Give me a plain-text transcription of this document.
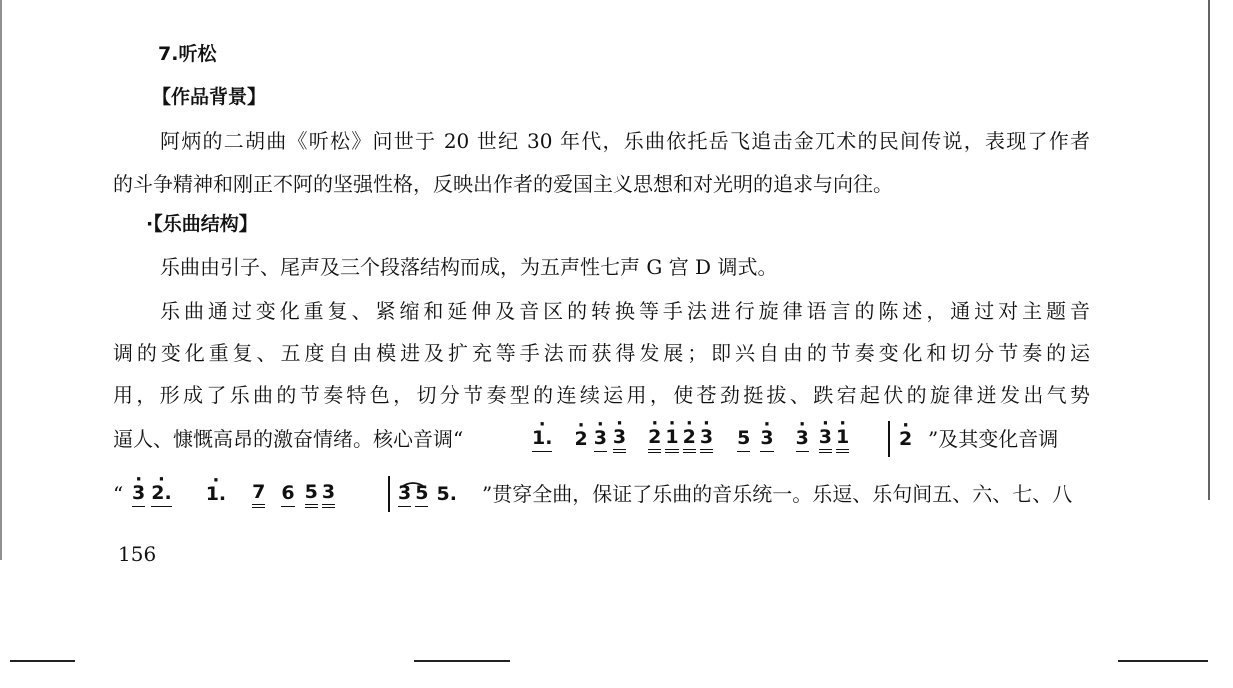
7.听松
【作品背景】
阿炳的二胡曲《听松》问世于 20 世纪 30 年代，乐曲依托岳飞追击金兀术的民间传说，表现了作者
的斗争精神和刚正不阿的坚强性格，反映出作者的爱国主义思想和对光明的追求与向往。
·【乐曲结构】
乐曲由引子、尾声及三个段落结构而成，为五声性七声 G 宫 D 调式。
乐曲通过变化重复、紧缩和延伸及音区的转换等手法进行旋律语言的陈述，通过对主题音
调的变化重复、五度自由模进及扩充等手法而获得发展；即兴自由的节奏变化和切分节奏的运
用，形成了乐曲的节奏特色，切分节奏型的连续运用，使苍劲挺拔、跌宕起伏的旋律迸发出气势
逼人、慷慨高昂的激奋情绪。核心音调“	· 1. · 2 · 3 · 3 · 2 · 1 · 2 · 3 5 · 3 · 3 · 3 · 1	· 2 ”及其变化音调
“ · 3 · 2. · 1. 7 6 5 3	3 5 5. ”贯穿全曲，保证了乐曲的音乐统一。乐逗、乐句间五、六、七、八
156
